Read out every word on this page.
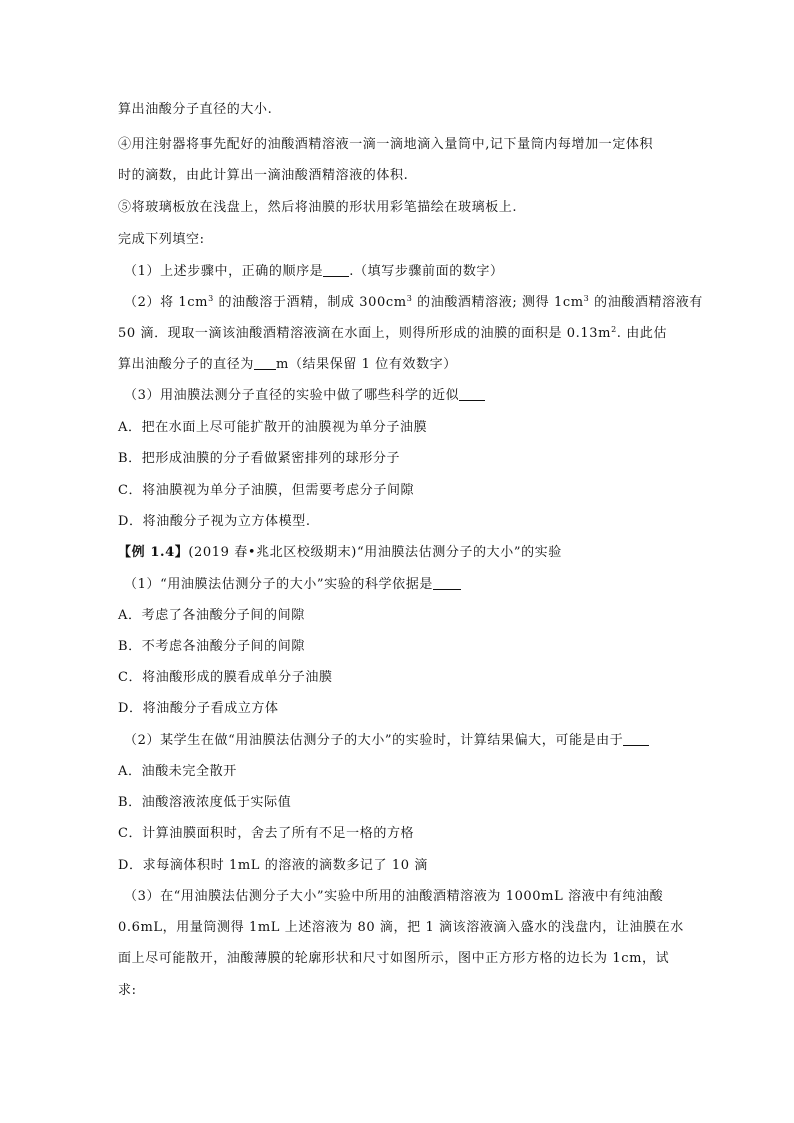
算出油酸分子直径的大小.
④用注射器将事先配好的油酸酒精溶液一滴一滴地滴入量筒中,记下量筒内每增加一定体积
时的滴数，由此计算出一滴油酸酒精溶液的体积.
⑤将玻璃板放在浅盘上，然后将油膜的形状用彩笔描绘在玻璃板上.
完成下列填空:
（1）上述步骤中，正确的顺序是 .（填写步骤前面的数字）
（2）将 $1cm^3$ 的油酸溶于酒精，制成 $300cm^3$ 的油酸酒精溶液; 测得 $1cm^3$ 的油酸酒精溶液有
50 滴．现取一滴该油酸酒精溶液滴在水面上，则得所形成的油膜的面积是 $0.13m^2$. 由此估
算出油酸分子的直径为 m（结果保留 1 位有效数字）
（3）用油膜法测分子直径的实验中做了哪些科学的近似
A．把在水面上尽可能扩散开的油膜视为单分子油膜
B．把形成油膜的分子看做紧密排列的球形分子
C．将油膜视为单分子油膜，但需要考虑分子间隙
D．将油酸分子视为立方体模型.
【例 1.4】(2019 春•兆北区校级期末)“用油膜法估测分子的大小”的实验
（1）“用油膜法估测分子的大小”实验的科学依据是
A．考虑了各油酸分子间的间隙
B．不考虑各油酸分子间的间隙
C．将油酸形成的膜看成单分子油膜
D．将油酸分子看成立方体
（2）某学生在做“用油膜法估测分子的大小”的实验时，计算结果偏大，可能是由于
A．油酸未完全散开
B．油酸溶液浓度低于实际值
C．计算油膜面积时，舍去了所有不足一格的方格
D．求每滴体积时 1mL 的溶液的滴数多记了 10 滴
（3）在“用油膜法估测分子大小”实验中所用的油酸酒精溶液为 1000mL 溶液中有纯油酸
0.6mL，用量筒测得 1mL 上述溶液为 80 滴，把 1 滴该溶液滴入盛水的浅盘内，让油膜在水
面上尽可能散开，油酸薄膜的轮廓形状和尺寸如图所示，图中正方形方格的边长为 1cm，试
求:
